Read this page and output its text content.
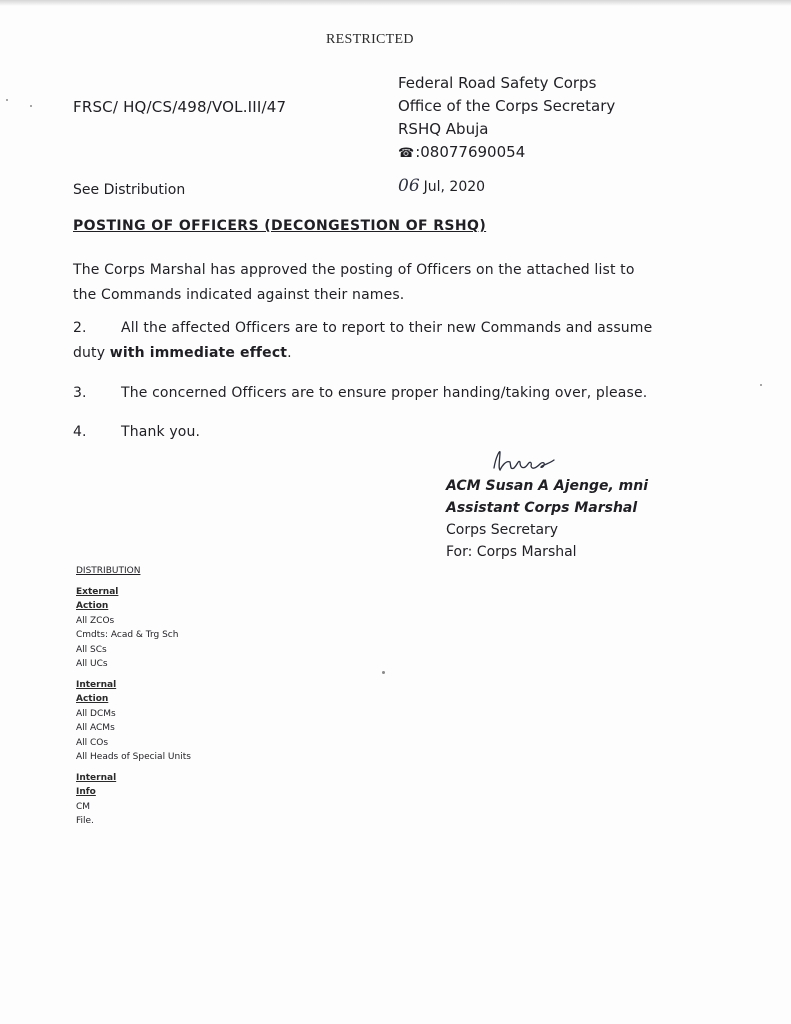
RESTRICTED
FRSC/ HQ/CS/498/VOL.III/47
Federal Road Safety Corps
Office of the Corps Secretary
RSHQ Abuja
☎:08077690054
See Distribution	06 Jul, 2020
POSTING OF OFFICERS (DECONGESTION OF RSHQ)
The Corps Marshal has approved the posting of Officers on the attached list to
the Commands indicated against their names.
2. All the affected Officers are to report to their new Commands and assume
duty with immediate effect.
3. The concerned Officers are to ensure proper handing/taking over, please.
4. Thank you.
ACM Susan A Ajenge, mni
Assistant Corps Marshal
Corps Secretary
For: Corps Marshal
DISTRIBUTION
External
Action
All ZCOs
Cmdts: Acad & Trg Sch
All SCs
All UCs
Internal
Action
All DCMs
All ACMs
All COs
All Heads of Special Units
Internal
Info
CM
File.
